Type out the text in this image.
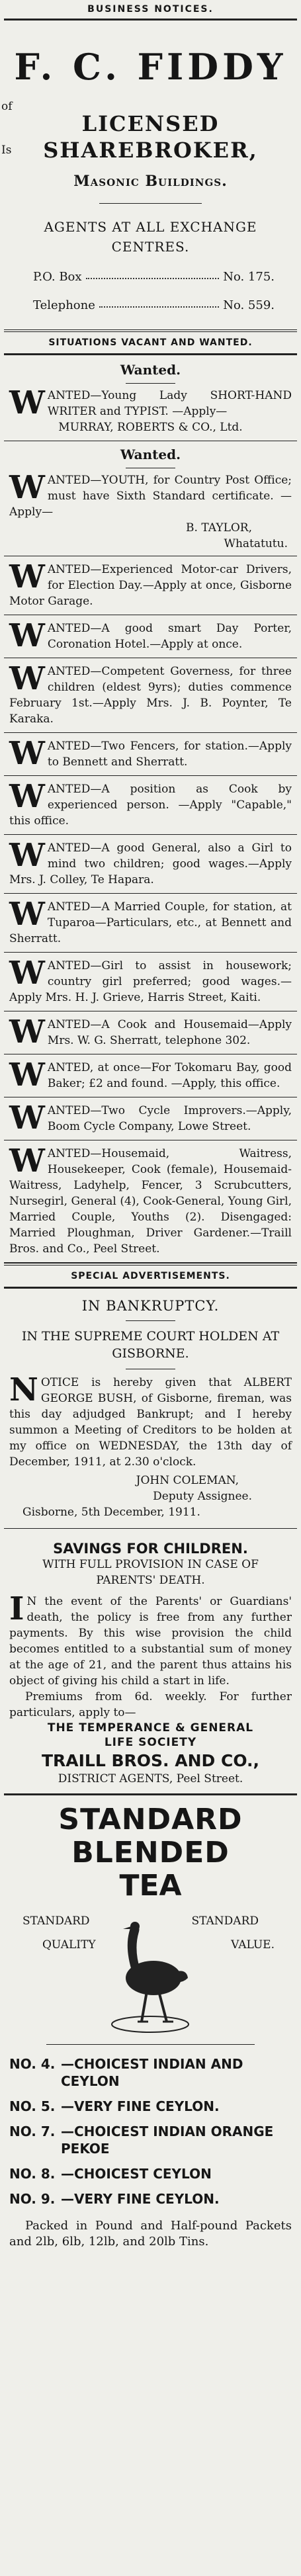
BUSINESS NOTICES.
of
Is
F. C. FIDDY
LICENSED
SHAREBROKER,
Masonic Buildings.
AGENTS AT ALL EXCHANGE CENTRES.
P.O. Box	No. 175.
Telephone	No. 559.
SITUATIONS VACANT AND WANTED.
Wanted.
WANTED—Young Lady SHORT-HAND WRITER and TYPIST. —Apply—
MURRAY, ROBERTS & CO., Ltd.
Wanted.
WANTED—YOUTH, for Country Post Office; must have Sixth Standard certificate. —Apply—
B. TAYLOR,
Whatatutu.
WANTED—Experienced Motor-car Drivers, for Election Day.—Apply at once, Gisborne Motor Garage.
WANTED—A good smart Day Porter, Coronation Hotel.—Apply at once.
WANTED—Competent Governess, for three children (eldest 9yrs); duties commence February 1st.—Apply Mrs. J. B. Poynter, Te Karaka.
WANTED—Two Fencers, for station.—Apply to Bennett and Sherratt.
WANTED—A position as Cook by experienced person. —Apply "Capable," this office.
WANTED—A good General, also a Girl to mind two children; good wages.—Apply Mrs. J. Colley, Te Hapara.
WANTED—A Married Couple, for station, at Tuparoa—Particulars, etc., at Bennett and Sherratt.
WANTED—Girl to assist in housework; country girl preferred; good wages.—Apply Mrs. H. J. Grieve, Harris Street, Kaiti.
WANTED—A Cook and Housemaid—Apply Mrs. W. G. Sherratt, telephone 302.
WANTED, at once—For Tokomaru Bay, good Baker; £2 and found. —Apply, this office.
WANTED—Two Cycle Improvers.—Apply, Boom Cycle Company, Lowe Street.
WANTED—Housemaid, Waitress, Housekeeper, Cook (female), Housemaid-Waitress, Ladyhelp, Fencer, 3 Scrubcutters, Nursegirl, General (4), Cook-General, Young Girl, Married Couple, Youths (2). Disengaged: Married Ploughman, Driver Gardener.—Traill Bros. and Co., Peel Street.
SPECIAL ADVERTISEMENTS.
IN BANKRUPTCY.
IN THE SUPREME COURT HOLDEN AT GISBORNE.
NOTICE is hereby given that ALBERT GEORGE BUSH, of Gisborne, fireman, was this day adjudged Bankrupt; and I hereby summon a Meeting of Creditors to be holden at my office on WEDNESDAY, the 13th day of December, 1911, at 2.30 o'clock.
JOHN COLEMAN,
Deputy Assignee.
Gisborne, 5th December, 1911.
SAVINGS FOR CHILDREN.
WITH FULL PROVISION IN CASE OF PARENTS' DEATH.
I N the event of the Parents' or Guardians' death, the policy is free from any further payments. By this wise provision the child becomes entitled to a substantial sum of money at the age of 21, and the parent thus attains his object of giving his child a start in life.
Premiums from 6d. weekly. For further particulars, apply to—
THE TEMPERANCE & GENERAL
LIFE SOCIETY
TRAILL BROS. AND CO.,
DISTRICT AGENTS, Peel Street.
STANDARD BLENDED
TEA
STANDARD
QUALITY
STANDARD
VALUE.
NO. 4. —CHOICEST INDIAN AND CEYLON
NO. 5. —VERY FINE CEYLON.
NO. 7. —CHOICEST INDIAN ORANGE PEKOE
NO. 8. —CHOICEST CEYLON
NO. 9. —VERY FINE CEYLON.
Packed in Pound and Half-pound Packets and 2lb, 6lb, 12lb, and 20lb Tins.
